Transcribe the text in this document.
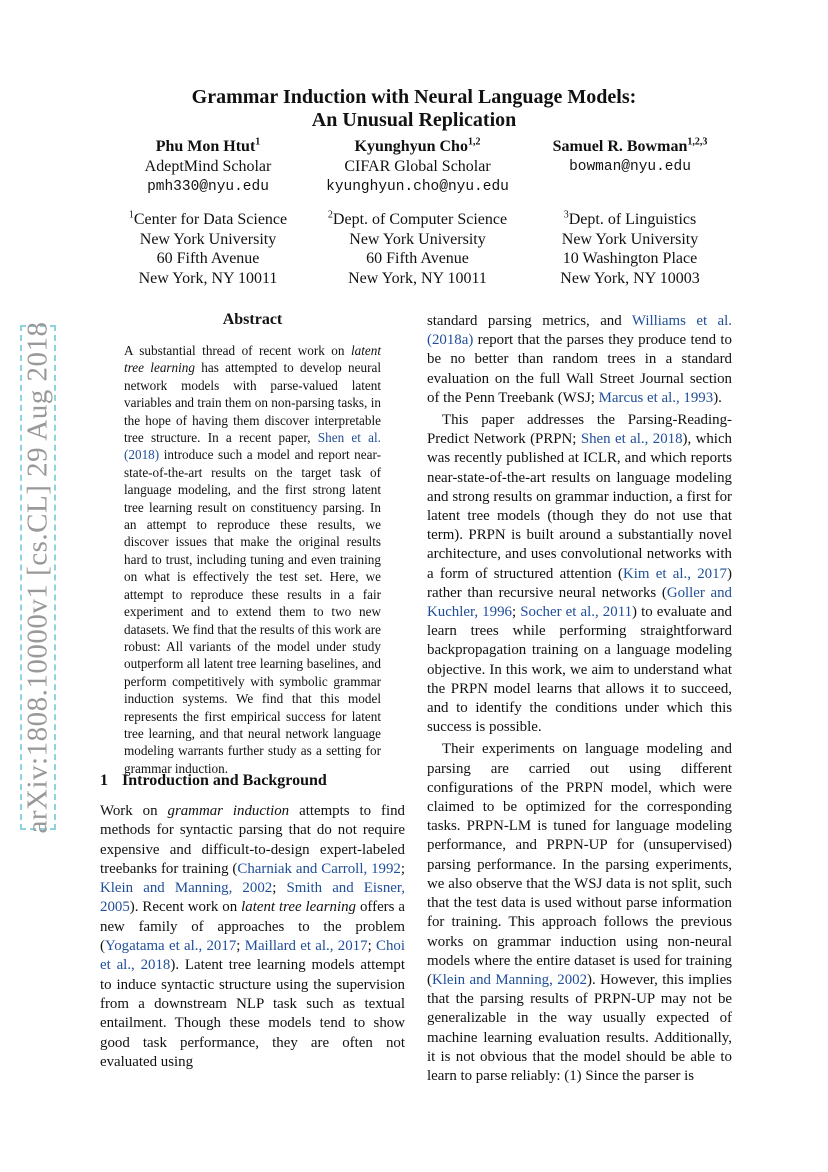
arXiv:1808.10000v1 [cs.CL] 29 Aug 2018
Grammar Induction with Neural Language Models:
An Unusual Replication
Phu Mon Htut$^1$
AdeptMind Scholar
pmh330@nyu.edu
Kyunghyun Cho$^{1,2}$
CIFAR Global Scholar
kyunghyun.cho@nyu.edu
Samuel R. Bowman$^{1,2,3}$
bowman@nyu.edu
$^1$Center for Data Science
New York University
60 Fifth Avenue
New York, NY 10011
$^2$Dept. of Computer Science
New York University
60 Fifth Avenue
New York, NY 10011
$^3$Dept. of Linguistics
New York University
10 Washington Place
New York, NY 10003
Abstract
A substantial thread of recent work on latent tree learning has attempted to develop neural network models with parse-valued latent variables and train them on non-parsing tasks, in the hope of having them discover interpretable tree structure. In a recent paper, Shen et al. (2018) introduce such a model and report near-state-of-the-art results on the target task of language modeling, and the first strong latent tree learning result on constituency parsing. In an attempt to reproduce these results, we discover issues that make the original results hard to trust, including tuning and even training on what is effectively the test set. Here, we attempt to reproduce these results in a fair experiment and to extend them to two new datasets. We find that the results of this work are robust: All variants of the model under study outperform all latent tree learning baselines, and perform competitively with symbolic grammar induction systems. We find that this model represents the first empirical success for latent tree learning, and that neural network language modeling warrants further study as a setting for grammar induction.
1 Introduction and Background
Work on grammar induction attempts to find methods for syntactic parsing that do not require expensive and difficult-to-design expert-labeled treebanks for training (Charniak and Carroll, 1992; Klein and Manning, 2002; Smith and Eisner, 2005). Recent work on latent tree learning offers a new family of approaches to the problem (Yogatama et al., 2017; Maillard et al., 2017; Choi et al., 2018). Latent tree learning models attempt to induce syntactic structure using the supervision from a downstream NLP task such as textual entailment. Though these models tend to show good task performance, they are often not evaluated using

standard parsing metrics, and Williams et al. (2018a) report that the parses they produce tend to be no better than random trees in a standard evaluation on the full Wall Street Journal section of the Penn Treebank (WSJ; Marcus et al., 1993).

This paper addresses the Parsing-Reading-Predict Network (PRPN; Shen et al., 2018), which was recently published at ICLR, and which reports near-state-of-the-art results on language modeling and strong results on grammar induction, a first for latent tree models (though they do not use that term). PRPN is built around a substantially novel architecture, and uses convolutional networks with a form of structured attention (Kim et al., 2017) rather than recursive neural networks (Goller and Kuchler, 1996; Socher et al., 2011) to evaluate and learn trees while performing straightforward backpropagation training on a language modeling objective. In this work, we aim to understand what the PRPN model learns that allows it to succeed, and to identify the conditions under which this success is possible.

Their experiments on language modeling and parsing are carried out using different configurations of the PRPN model, which were claimed to be optimized for the corresponding tasks. PRPN-LM is tuned for language modeling performance, and PRPN-UP for (unsupervised) parsing performance. In the parsing experiments, we also observe that the WSJ data is not split, such that the test data is used without parse information for training. This approach follows the previous works on grammar induction using non-neural models where the entire dataset is used for training (Klein and Manning, 2002). However, this implies that the parsing results of PRPN-UP may not be generalizable in the way usually expected of machine learning evaluation results. Additionally, it is not obvious that the model should be able to learn to parse reliably: (1) Since the parser is
